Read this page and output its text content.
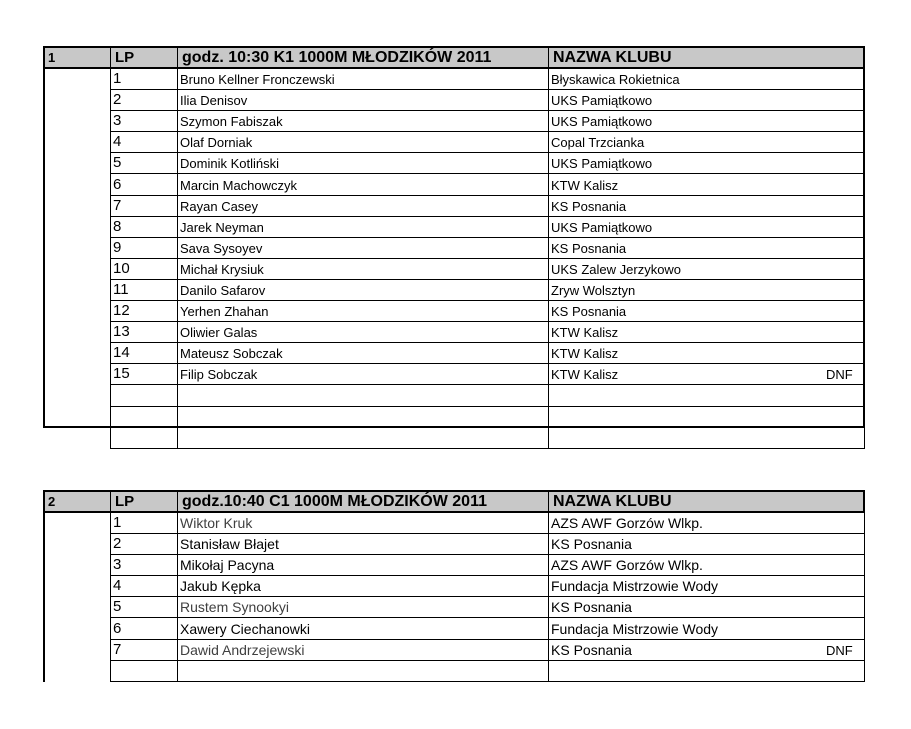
1	LP	godz. 10:30 K1 1000M MŁODZIKÓW 2011	NAZWA KLUBU
1	Bruno Kellner Fronczewski	Błyskawica Rokietnica
2	Ilia Denisov	UKS Pamiątkowo
3	Szymon Fabiszak	UKS Pamiątkowo
4	Olaf Dorniak	Copal Trzcianka
5	Dominik Kotliński	UKS Pamiątkowo
6	Marcin Machowczyk	KTW Kalisz
7	Rayan Casey	KS Posnania
8	Jarek Neyman	UKS Pamiątkowo
9	Sava Sysoyev	KS Posnania
10	Michał Krysiuk	UKS Zalew Jerzykowo
11	Danilo Safarov	Zryw Wolsztyn
12	Yerhen Zhahan	KS Posnania
13	Oliwier Galas	KTW Kalisz
14	Mateusz Sobczak	KTW Kalisz
15	Filip Sobczak	KTW Kalisz	DNF
2	LP	godz.10:40 C1 1000M MŁODZIKÓW 2011	NAZWA KLUBU
1	Wiktor Kruk	AZS AWF Gorzów Wlkp.
2	Stanisław Błajet	KS Posnania
3	Mikołaj Pacyna	AZS AWF Gorzów Wlkp.
4	Jakub Kępka	Fundacja Mistrzowie Wody
5	Rustem Synookyi	KS Posnania
6	Xawery Ciechanowki	Fundacja Mistrzowie Wody
7	Dawid Andrzejewski	KS Posnania	DNF
